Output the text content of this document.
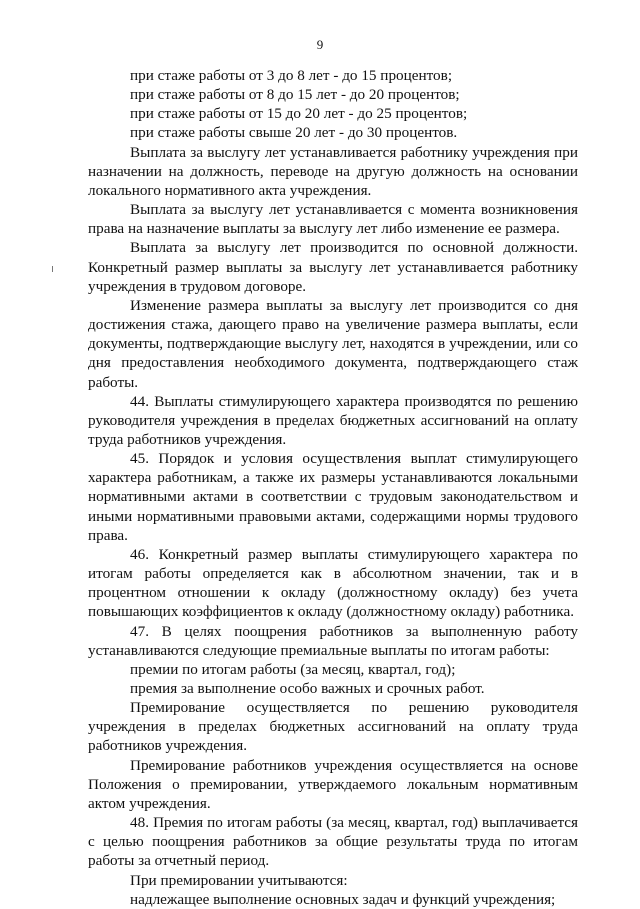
9

при стаже работы от 3 до 8 лет - до 15 процентов;

при стаже работы от 8 до 15 лет - до 20 процентов;

при стаже работы от 15 до 20 лет - до 25 процентов;

при стаже работы свыше 20 лет - до 30 процентов.

Выплата за выслугу лет устанавливается работнику учреждения при назначении на должность, переводе на другую должность на основании локального нормативного акта учреждения.

Выплата за выслугу лет устанавливается с момента возникновения права на назначение выплаты за выслугу лет либо изменение ее размера.

Выплата за выслугу лет производится по основной должности. Конкретный размер выплаты за выслугу лет устанавливается работнику учреждения в трудовом договоре.

Изменение размера выплаты за выслугу лет производится со дня достижения стажа, дающего право на увеличение размера выплаты, если документы, подтверждающие выслугу лет, находятся в учреждении, или со дня предоставления необходимого документа, подтверждающего стаж работы.

44. Выплаты стимулирующего характера производятся по решению руководителя учреждения в пределах бюджетных ассигнований на оплату труда работников учреждения.

45. Порядок и условия осуществления выплат стимулирующего характера работникам, а также их размеры устанавливаются локальными нормативными актами в соответствии с трудовым законодательством и иными нормативными правовыми актами, содержащими нормы трудового права.

46. Конкретный размер выплаты стимулирующего характера по итогам работы определяется как в абсолютном значении, так и в процентном отношении к окладу (должностному окладу) без учета повышающих коэффициентов к окладу (должностному окладу) работника.

47. В целях поощрения работников за выполненную работу устанавливаются следующие премиальные выплаты по итогам работы:

премии по итогам работы (за месяц, квартал, год);

премия за выполнение особо важных и срочных работ.

Премирование осуществляется по решению руководителя учреждения в пределах бюджетных ассигнований на оплату труда работников учреждения.

Премирование работников учреждения осуществляется на основе Положения о премировании, утверждаемого локальным нормативным актом учреждения.

48. Премия по итогам работы (за месяц, квартал, год) выплачивается с целью поощрения работников за общие результаты труда по итогам работы за отчетный период.

При премировании учитываются:

надлежащее выполнение основных задач и функций учреждения;
